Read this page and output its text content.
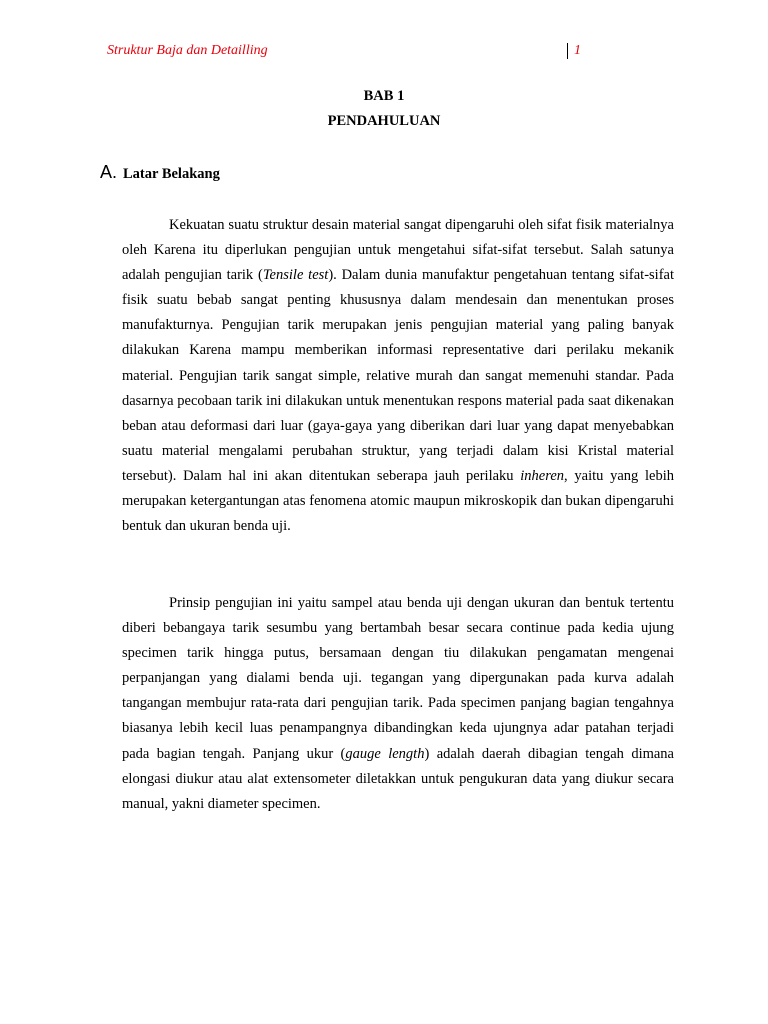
Struktur Baja dan Detailling	1
BAB 1
PENDAHULUAN
A. Latar Belakang

Kekuatan suatu struktur desain material sangat dipengaruhi oleh sifat fisik materialnya oleh Karena itu diperlukan pengujian untuk mengetahui sifat-sifat tersebut. Salah satunya adalah pengujian tarik (Tensile test). Dalam dunia manufaktur pengetahuan tentang sifat-sifat fisik suatu bebab sangat penting khususnya dalam mendesain dan menentukan proses manufakturnya. Pengujian tarik merupakan jenis pengujian material yang paling banyak dilakukan Karena mampu memberikan informasi representative dari perilaku mekanik material. Pengujian tarik sangat simple, relative murah dan sangat memenuhi standar. Pada dasarnya pecobaan tarik ini dilakukan untuk menentukan respons material pada saat dikenakan beban atau deformasi dari luar (gaya-gaya yang diberikan dari luar yang dapat menyebabkan suatu material mengalami perubahan struktur, yang terjadi dalam kisi Kristal material tersebut). Dalam hal ini akan ditentukan seberapa jauh perilaku inheren, yaitu yang lebih merupakan ketergantungan atas fenomena atomic maupun mikroskopik dan bukan dipengaruhi bentuk dan ukuran benda uji.

Prinsip pengujian ini yaitu sampel atau benda uji dengan ukuran dan bentuk tertentu diberi bebangaya tarik sesumbu yang bertambah besar secara continue pada kedia ujung specimen tarik hingga putus, bersamaan dengan tiu dilakukan pengamatan mengenai perpanjangan yang dialami benda uji. tegangan yang dipergunakan pada kurva adalah tangangan membujur rata-rata dari pengujian tarik. Pada specimen panjang bagian tengahnya biasanya lebih kecil luas penampangnya dibandingkan keda ujungnya adar patahan terjadi pada bagian tengah. Panjang ukur (gauge length) adalah daerah dibagian tengah dimana elongasi diukur atau alat extensometer diletakkan untuk pengukuran data yang diukur secara manual, yakni diameter specimen.
